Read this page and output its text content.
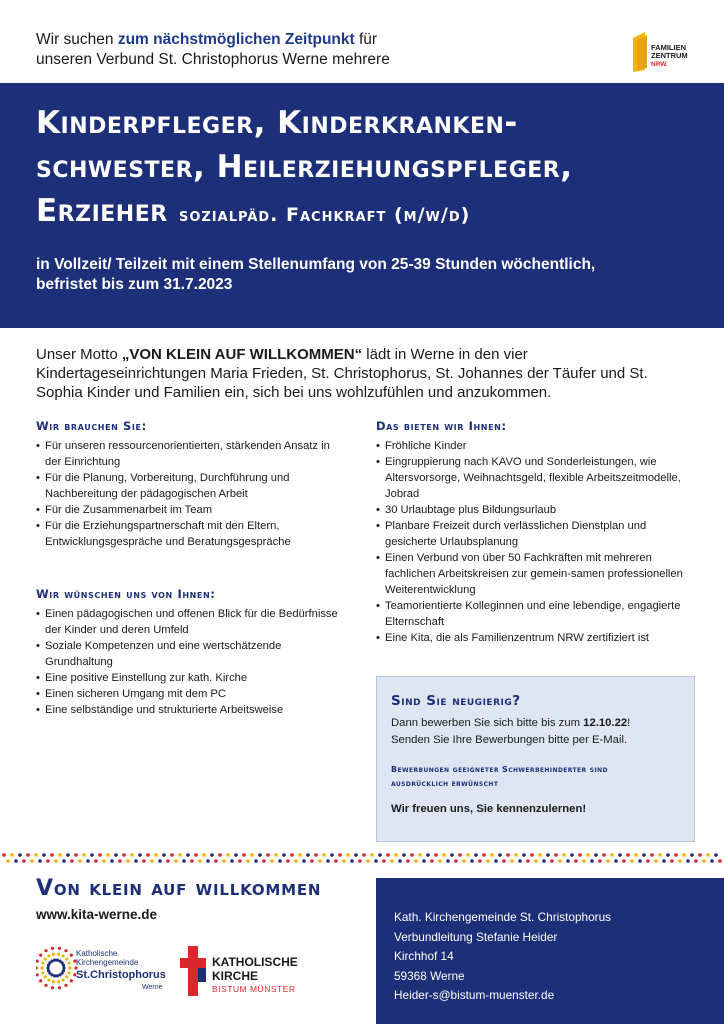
Wir suchen zum nächstmöglichen Zeitpunkt für
unseren Verbund St. Christophorus Werne mehrere
FAMILIEN
ZENTRUM
NRW.
Kinderpfleger, Kinderkranken-
schwester, Heilerziehungspfleger,
Erzieher sozialpäd. Fachkraft (m/w/d)
in Vollzeit/ Teilzeit mit einem Stellenumfang von 25-39 Stunden wöchentlich,
befristet bis zum 31.7.2023
Unser Motto „VON KLEIN AUF WILLKOMMEN“ lädt in Werne in den vier Kindertageseinrichtungen Maria Frieden, St. Christophorus, St. Johannes der Täufer und St. Sophia Kinder und Familien ein, sich bei uns wohlzufühlen und anzukommen.
Wir brauchen Sie:
• Für unseren ressourcenorientierten, stärkenden Ansatz in der Einrichtung
• Für die Planung, Vorbereitung, Durchführung und Nachbereitung der pädagogischen Arbeit
• Für die Zusammenarbeit im Team
• Für die Erziehungspartnerschaft mit den Eltern, Entwicklungsgespräche und Beratungsgespräche
Wir wünschen uns von Ihnen:
• Einen pädagogischen und offenen Blick für die Bedürfnisse der Kinder und deren Umfeld
• Soziale Kompetenzen und eine wertschätzende Grundhaltung
• Eine positive Einstellung zur kath. Kirche
• Einen sicheren Umgang mit dem PC
• Eine selbständige und strukturierte Arbeitsweise
Das bieten wir Ihnen:
• Fröhliche Kinder
• Eingruppierung nach KAVO und Sonderleistungen, wie Altersvorsorge, Weihnachtsgeld, flexible Arbeitszeitmodelle, Jobrad
• 30 Urlaubtage plus Bildungsurlaub
• Planbare Freizeit durch verlässlichen Dienstplan und gesicherte Urlaubsplanung
• Einen Verbund von über 50 Fachkräften mit mehreren fachlichen Arbeitskreisen zur gemein-samen professionellen Weiterentwicklung
• Teamorientierte Kolleginnen und eine lebendige, engagierte Elternschaft
• Eine Kita, die als Familienzentrum NRW zertifiziert ist
Sind Sie neugierig?

Dann bewerben Sie sich bitte bis zum 12.10.22!

Senden Sie Ihre Bewerbungen bitte per E-Mail.

Bewerbungen geeigneter Schwerbehinderter sind
ausdrücklich erwünscht
Wir freuen uns, Sie kennenzulernen!
Von klein auf willkommen
www.kita-werne.de
Katholische
Kirchengemeinde
St.Christophorus
Werne
KATHOLISCHE
KIRCHE
BISTUM MÜNSTER
Kath. Kirchengemeinde St. Christophorus
Verbundleitung Stefanie Heider
Kirchhof 14
59368 Werne
Heider-s@bistum-muenster.de
